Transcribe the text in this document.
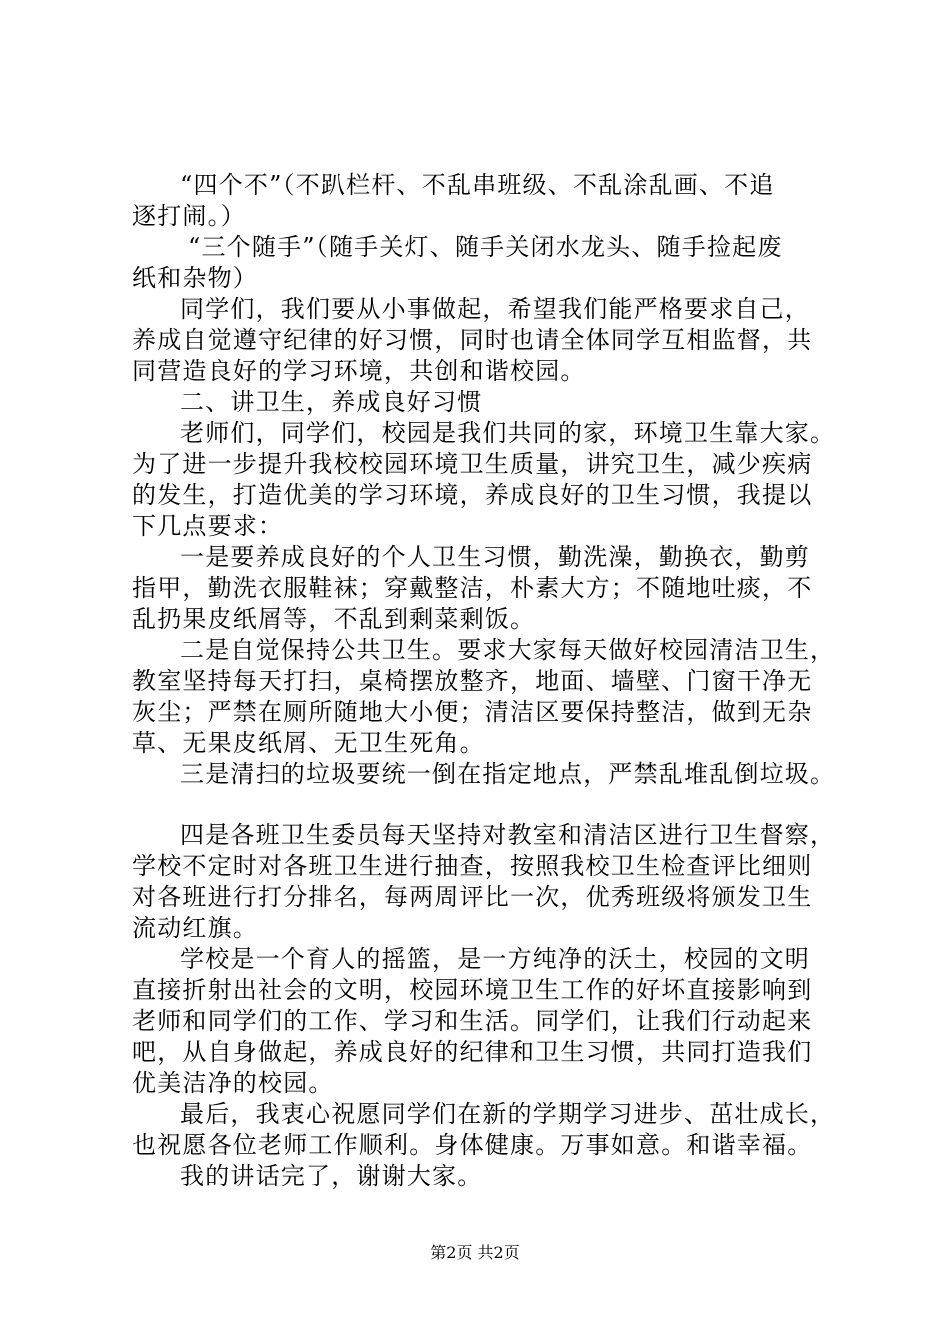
“四个不”（不趴栏杆、不乱串班级、不乱涂乱画、不追
逐打闹。）
“三个随手”（随手关灯、随手关闭水龙头、随手捡起废
纸和杂物）
同学们，我们要从小事做起，希望我们能严格要求自己，
养成自觉遵守纪律的好习惯，同时也请全体同学互相监督，共
同营造良好的学习环境，共创和谐校园。
二、讲卫生，养成良好习惯
老师们，同学们，校园是我们共同的家，环境卫生靠大家。
为了进一步提升我校校园环境卫生质量，讲究卫生，减少疾病
的发生，打造优美的学习环境，养成良好的卫生习惯，我提以
下几点要求：
一是要养成良好的个人卫生习惯，勤洗澡，勤换衣，勤剪
指甲，勤洗衣服鞋袜；穿戴整洁，朴素大方；不随地吐痰，不
乱扔果皮纸屑等，不乱到剩菜剩饭。
二是自觉保持公共卫生。要求大家每天做好校园清洁卫生，
教室坚持每天打扫，桌椅摆放整齐，地面、墙壁、门窗干净无
灰尘；严禁在厕所随地大小便；清洁区要保持整洁，做到无杂
草、无果皮纸屑、无卫生死角。
三是清扫的垃圾要统一倒在指定地点，严禁乱堆乱倒垃圾。
四是各班卫生委员每天坚持对教室和清洁区进行卫生督察，
学校不定时对各班卫生进行抽查，按照我校卫生检查评比细则
对各班进行打分排名，每两周评比一次，优秀班级将颁发卫生
流动红旗。
学校是一个育人的摇篮，是一方纯净的沃土，校园的文明
直接折射出社会的文明，校园环境卫生工作的好坏直接影响到
老师和同学们的工作、学习和生活。同学们，让我们行动起来
吧，从自身做起，养成良好的纪律和卫生习惯，共同打造我们
优美洁净的校园。
最后，我衷心祝愿同学们在新的学期学习进步、茁壮成长，
也祝愿各位老师工作顺利。身体健康。万事如意。和谐幸福。
我的讲话完了，谢谢大家。
第2页 共2页
